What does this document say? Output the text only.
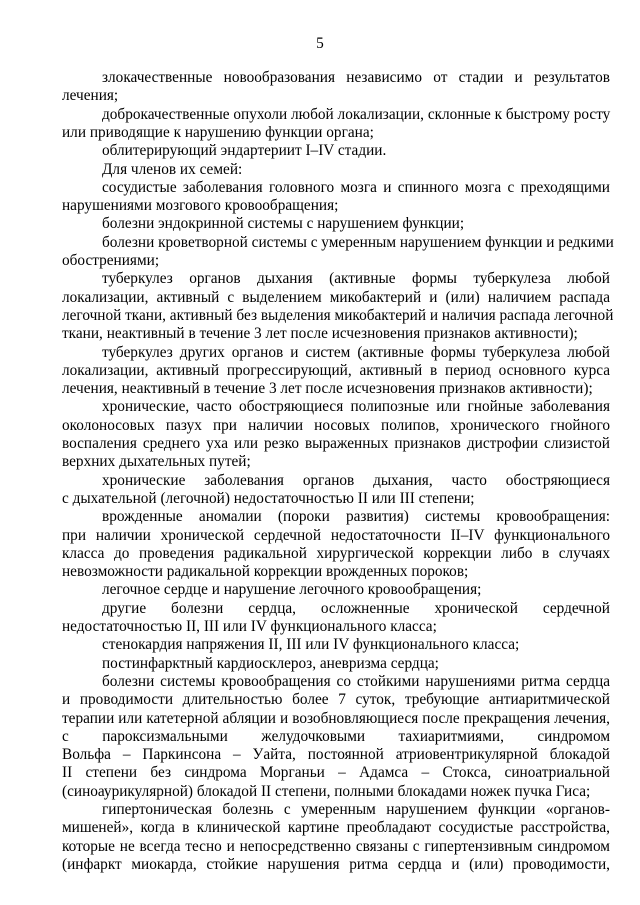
5
злокачественные новообразования независимо от стадии и результатов
лечения;
доброкачественные опухоли любой локализации, склонные к быстрому росту
или приводящие к нарушению функции органа;
облитерирующий эндартериит I–IV стадии.
Для членов их семей:
сосудистые заболевания головного мозга и спинного мозга с преходящими
нарушениями мозгового кровообращения;
болезни эндокринной системы с нарушением функции;
болезни кроветворной системы с умеренным нарушением функции и редкими
обострениями;
туберкулез органов дыхания (активные формы туберкулеза любой
локализации, активный с выделением микобактерий и (или) наличием распада
легочной ткани, активный без выделения микобактерий и наличия распада легочной
ткани, неактивный в течение 3 лет после исчезновения признаков активности);
туберкулез других органов и систем (активные формы туберкулеза любой
локализации, активный прогрессирующий, активный в период основного курса
лечения, неактивный в течение 3 лет после исчезновения признаков активности);
хронические, часто обостряющиеся полипозные или гнойные заболевания
околоносовых пазух при наличии носовых полипов, хронического гнойного
воспаления среднего уха или резко выраженных признаков дистрофии слизистой
верхних дыхательных путей;
хронические заболевания органов дыхания, часто обостряющиеся
с дыхательной (легочной) недостаточностью II или III степени;
врожденные аномалии (пороки развития) системы кровообращения:
при наличии хронической сердечной недостаточности II–IV функционального
класса до проведения радикальной хирургической коррекции либо в случаях
невозможности радикальной коррекции врожденных пороков;
легочное сердце и нарушение легочного кровообращения;
другие болезни сердца, осложненные хронической сердечной
недостаточностью II, III или IV функционального класса;
стенокардия напряжения II, III или IV функционального класса;
постинфарктный кардиосклероз, аневризма сердца;
болезни системы кровообращения со стойкими нарушениями ритма сердца
и проводимости длительностью более 7 суток, требующие антиаритмической
терапии или катетерной абляции и возобновляющиеся после прекращения лечения,
с пароксизмальными желудочковыми тахиаритмиями, синдромом
Вольфа – Паркинсона – Уайта, постоянной атриовентрикулярной блокадой
II степени без синдрома Морганьи – Адамса – Стокса, синоатриальной
(синоаурикулярной) блокадой II степени, полными блокадами ножек пучка Гиса;
гипертоническая болезнь с умеренным нарушением функции «органов-
мишеней», когда в клинической картине преобладают сосудистые расстройства,
которые не всегда тесно и непосредственно связаны с гипертензивным синдромом
(инфаркт миокарда, стойкие нарушения ритма сердца и (или) проводимости,
